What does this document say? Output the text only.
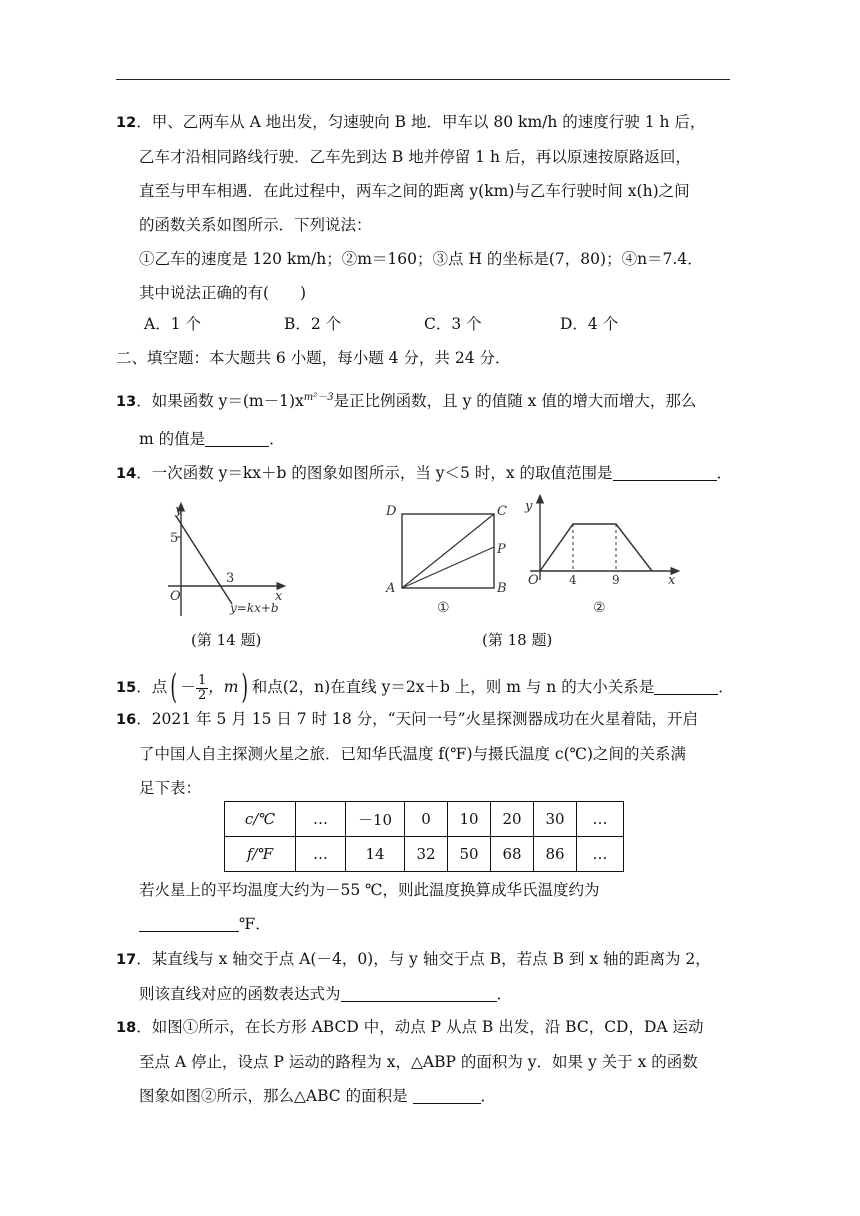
12．甲、乙两车从 A 地出发，匀速驶向 B 地．甲车以 80 km/h 的速度行驶 1 h 后，
乙车才沿相同路线行驶．乙车先到达 B 地并停留 1 h 后，再以原速按原路返回，
直至与甲车相遇．在此过程中，两车之间的距离 y(km)与乙车行驶时间 x(h)之间
的函数关系如图所示．下列说法：
①乙车的速度是 120 km/h；②m＝160；③点 H 的坐标是(7，80)；④n＝7.4．
其中说法正确的有(　　)
A．1 个	B．2 个	C．3 个	D．4 个
二、填空题：本大题共 6 小题，每小题 4 分，共 24 分．
13．如果函数 $y=(m-1)x^{m^2-3}$是正比例函数，且 y 的值随 x 值的增大而增大，那么
m 的值是	．
14．一次函数 y＝kx＋b 的图象如图所示，当 y＜5 时，x 的取值范围是	．
y
x
O
5
3
y=kx+b
(第 14 题)
D	C
A	B
P
①
y
x
O	4	9
②
(第 18 题)
15．点( － $\frac{1}{2}$ ，m) 和点(2，n)在直线 y＝2x＋b 上，则 m 与 n 的大小关系是	．
16．2021 年 5 月 15 日 7 时 18 分，“天问一号”火星探测器成功在火星着陆，开启
了中国人自主探测火星之旅．已知华氏温度 f(℉)与摄氏温度 c(℃)之间的关系满
足下表：
c/℃	…	－10	0	10	20	30	…
f/℉	…	14	32	50	68	86	…
若火星上的平均温度大约为－55 ℃，则此温度换算成华氏温度约为
℉．
17．某直线与 x 轴交于点 A(－4，0)，与 y 轴交于点 B，若点 B 到 x 轴的距离为 2，
则该直线对应的函数表达式为	．
18．如图①所示，在长方形 ABCD 中，动点 P 从点 B 出发，沿 BC，CD，DA 运动
至点 A 停止，设点 P 运动的路程为 x，△ABP 的面积为 y．如果 y 关于 x 的函数
图象如图②所示，那么△ABC 的面积是	．
